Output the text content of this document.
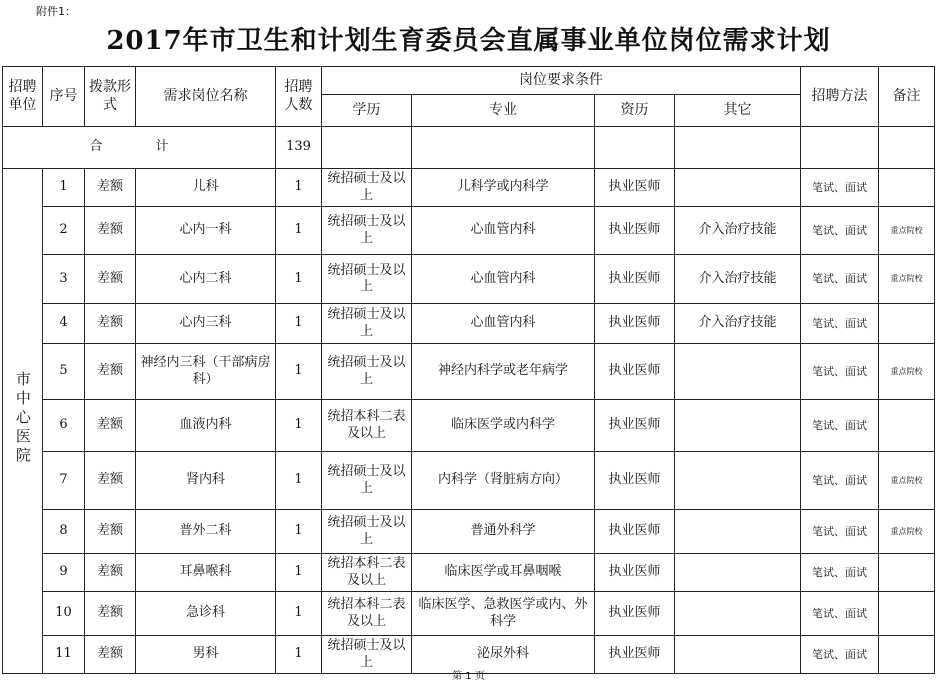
附件1：
2017年市卫生和计划生育委员会直属事业单位岗位需求计划
招聘单位	序号	拨款形式	需求岗位名称	招聘人数	岗位要求条件				招聘方法	备注
					学历	专业	资历	其它		
合　计				139						
市中心医院	1	差额	儿科	1	统招硕士及以上	儿科学或内科学	执业医师		笔试、面试	
	2	差额	心内一科	1	统招硕士及以上	心血管内科	执业医师	介入治疗技能	笔试、面试	重点院校
	3	差额	心内二科	1	统招硕士及以上	心血管内科	执业医师	介入治疗技能	笔试、面试	重点院校
	4	差额	心内三科	1	统招硕士及以上	心血管内科	执业医师	介入治疗技能	笔试、面试	
	5	差额	神经内三科（干部病房科）	1	统招硕士及以上	神经内科学或老年病学	执业医师		笔试、面试	重点院校
	6	差额	血液内科	1	统招本科二表及以上	临床医学或内科学	执业医师		笔试、面试	
	7	差额	肾内科	1	统招硕士及以上	内科学（肾脏病方向）	执业医师		笔试、面试	重点院校
	8	差额	普外二科	1	统招硕士及以上	普通外科学	执业医师		笔试、面试	重点院校
	9	差额	耳鼻喉科	1	统招本科二表及以上	临床医学或耳鼻咽喉	执业医师		笔试、面试	
	10	差额	急诊科	1	统招本科二表及以上	临床医学、急救医学或内、外科学	执业医师		笔试、面试	
	11	差额	男科	1	统招硕士及以上	泌尿外科	执业医师		笔试、面试	
第 1 页
